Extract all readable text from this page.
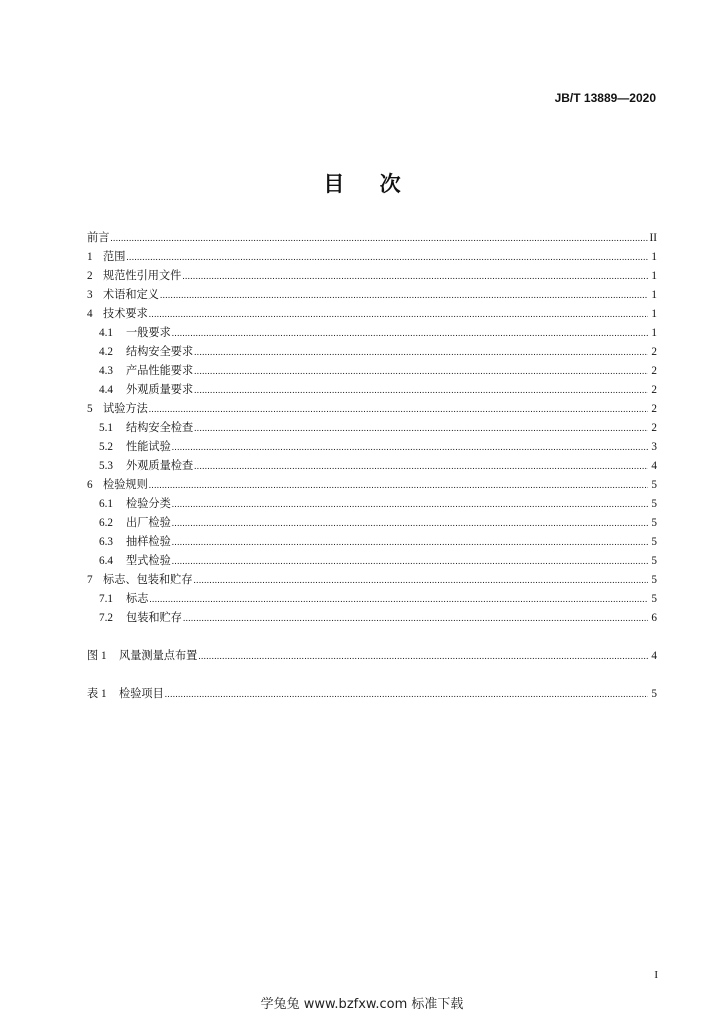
JB/T 13889—2020
目 次
前言 .....	II
1 范围 .....	1
2 规范性引用文件 .....	1
3 术语和定义 .....	1
4 技术要求 .....	1
4.1	一般要求 .....	1
4.2	结构安全要求 .....	2
4.3	产品性能要求 .....	2
4.4	外观质量要求 .....	2
5 试验方法 .....	2
5.1	结构安全检查 .....	2
5.2	性能试验 .....	3
5.3	外观质量检查 .....	4
6 检验规则 .....	5
6.1	检验分类 .....	5
6.2	出厂检验 .....	5
6.3	抽样检验 .....	5
6.4	型式检验 .....	5
7 标志、包装和贮存 .....	5
7.1	标志 .....	5
7.2	包装和贮存 .....	6
图 1	风量测量点布置 .....	4
表 1	检验项目 .....	5
I
学兔兔 www.bzfxw.com 标准下载
